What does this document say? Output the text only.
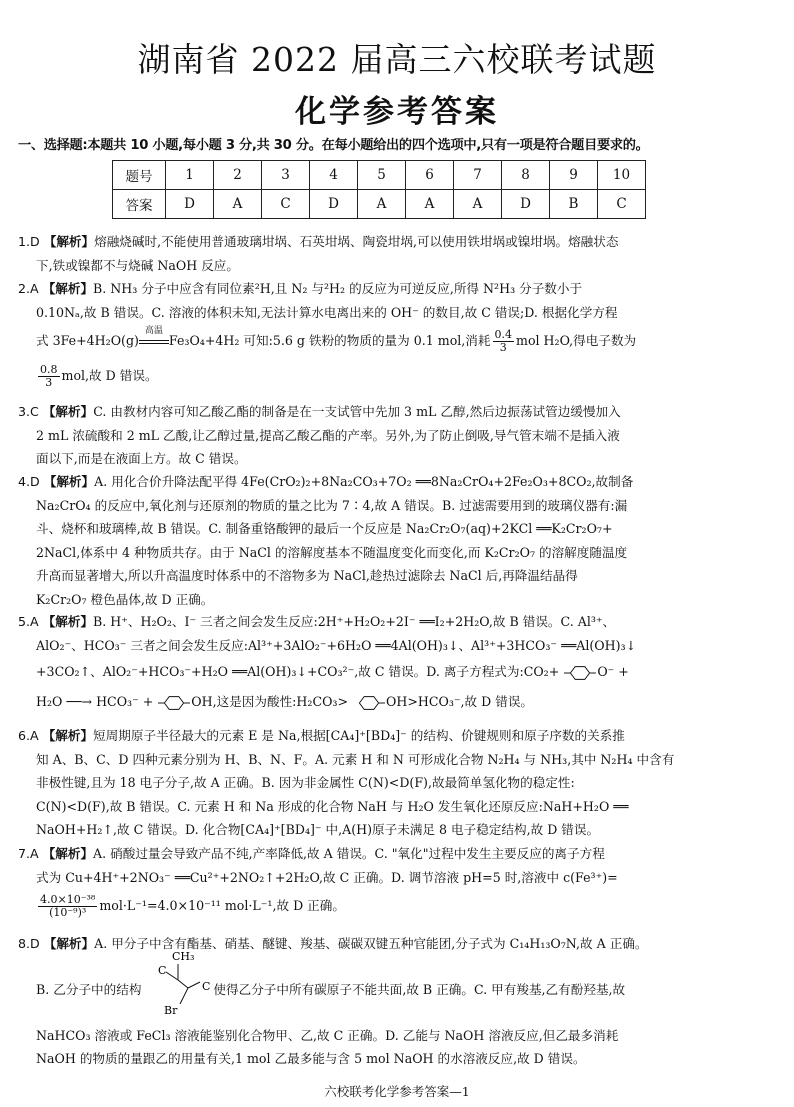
湖南省 2022 届高三六校联考试题
化学参考答案
一、选择题:本题共 10 小题,每小题 3 分,共 30 分。在每小题给出的四个选项中,只有一项是符合题目要求的。
题号	1	2	3	4	5	6	7	8	9	10
答案	D	A	C	D	A	A	A	D	B	C
1.D 【解析】熔融烧碱时,不能使用普通玻璃坩埚、石英坩埚、陶瓷坩埚,可以使用铁坩埚或镍坩埚。熔融状态
下,铁或镍都不与烧碱 NaOH 反应。
2.A 【解析】B. NH₃ 分子中应含有同位素²H,且 N₂ 与²H₂ 的反应为可逆反应,所得 N²H₃ 分子数小于
0.10Nₐ,故 B 错误。C. 溶液的体积未知,无法计算水电离出来的 OH⁻ 的数目,故 C 错误;D. 根据化学方程
式 3Fe+4H₂O(g)
高温
Fe₃O₄+4H₂ 可知:5.6 g 铁粉的物质的量为 0.1 mol,消耗 $\frac{0.4}{3}$ mol H₂O,得电子数为
$\frac{0.8}{3}$ mol,故 D 错误。
3.C 【解析】C. 由教材内容可知乙酸乙酯的制备是在一支试管中先加 3 mL 乙醇,然后边振荡试管边缓慢加入
2 mL 浓硫酸和 2 mL 乙酸,让乙醇过量,提高乙酸乙酯的产率。另外,为了防止倒吸,导气管末端不是插入液
面以下,而是在液面上方。故 C 错误。
4.D 【解析】A. 用化合价升降法配平得 4Fe(CrO₂)₂+8Na₂CO₃+7O₂ ══8Na₂CrO₄+2Fe₂O₃+8CO₂,故制备
Na₂CrO₄ 的反应中,氧化剂与还原剂的物质的量之比为 7∶4,故 A 错误。B. 过滤需要用到的玻璃仪器有:漏
斗、烧杯和玻璃棒,故 B 错误。C. 制备重铬酸钾的最后一个反应是 Na₂Cr₂O₇(aq)+2KCl ══K₂Cr₂O₇+
2NaCl,体系中 4 种物质共存。由于 NaCl 的溶解度基本不随温度变化而变化,而 K₂Cr₂O₇ 的溶解度随温度
升高而显著增大,所以升高温度时体系中的不溶物多为 NaCl,趁热过滤除去 NaCl 后,再降温结晶得
K₂Cr₂O₇ 橙色晶体,故 D 正确。
5.A 【解析】B. H⁺、H₂O₂、I⁻ 三者之间会发生反应:2H⁺+H₂O₂+2I⁻ ══I₂+2H₂O,故 B 错误。C. Al³⁺、
AlO₂⁻、HCO₃⁻ 三者之间会发生反应:Al³⁺+3AlO₂⁻+6H₂O ══4Al(OH)₃↓、Al³⁺+3HCO₃⁻ ══Al(OH)₃↓
+3CO₂↑、AlO₂⁻+HCO₃⁻+H₂O ══Al(OH)₃↓+CO₃²⁻,故 C 错误。D. 离子方程式为:CO₂+	O⁻ +
H₂O ──→ HCO₃⁻ +	OH,这是因为酸性:H₂CO₃>	OH>HCO₃⁻,故 D 错误。
6.A 【解析】短周期原子半径最大的元素 E 是 Na,根据[CA₄]⁺[BD₄]⁻ 的结构、价键规则和原子序数的关系推
知 A、B、C、D 四种元素分别为 H、B、N、F。A. 元素 H 和 N 可形成化合物 N₂H₄ 与 NH₃,其中 N₂H₄ 中含有
非极性键,且为 18 电子分子,故 A 正确。B. 因为非金属性 C(N)<D(F),故最简单氢化物的稳定性:
C(N)<D(F),故 B 错误。C. 元素 H 和 Na 形成的化合物 NaH 与 H₂O 发生氧化还原反应:NaH+H₂O ══
NaOH+H₂↑,故 C 错误。D. 化合物[CA₄]⁺[BD₄]⁻ 中,A(H)原子未满足 8 电子稳定结构,故 D 错误。
7.A 【解析】A. 硝酸过量会导致产品不纯,产率降低,故 A 错误。C. "氧化"过程中发生主要反应的离子方程
式为 Cu+4H⁺+2NO₃⁻ ══Cu²⁺+2NO₂↑+2H₂O,故 C 正确。D. 调节溶液 pH=5 时,溶液中 c(Fe³⁺)=
$\frac{\text{4.0×10⁻³⁸}}{\text{(10⁻⁹)³}} mol\cdot L^{-1}=4.0\times 10^{-11}$ mol·L⁻¹,故 D 正确。
8.D 【解析】A. 甲分子中含有酯基、硝基、醚键、羧基、碳碳双键五种官能团,分子式为 C₁₄H₁₃O₇N,故 A 正确。
B. 乙分子中的结构	使得乙分子中所有碳原子不能共面,故 B 正确。C. 甲有羧基,乙有酚羟基,故
NaHCO₃ 溶液或 FeCl₃ 溶液能鉴别化合物甲、乙,故 C 正确。D. 乙能与 NaOH 溶液反应,但乙最多消耗
NaOH 的物质的量跟乙的用量有关,1 mol 乙最多能与含 5 mol NaOH 的水溶液反应,故 D 错误。
CH₃
C
C
Br
六校联考化学参考答案—1
